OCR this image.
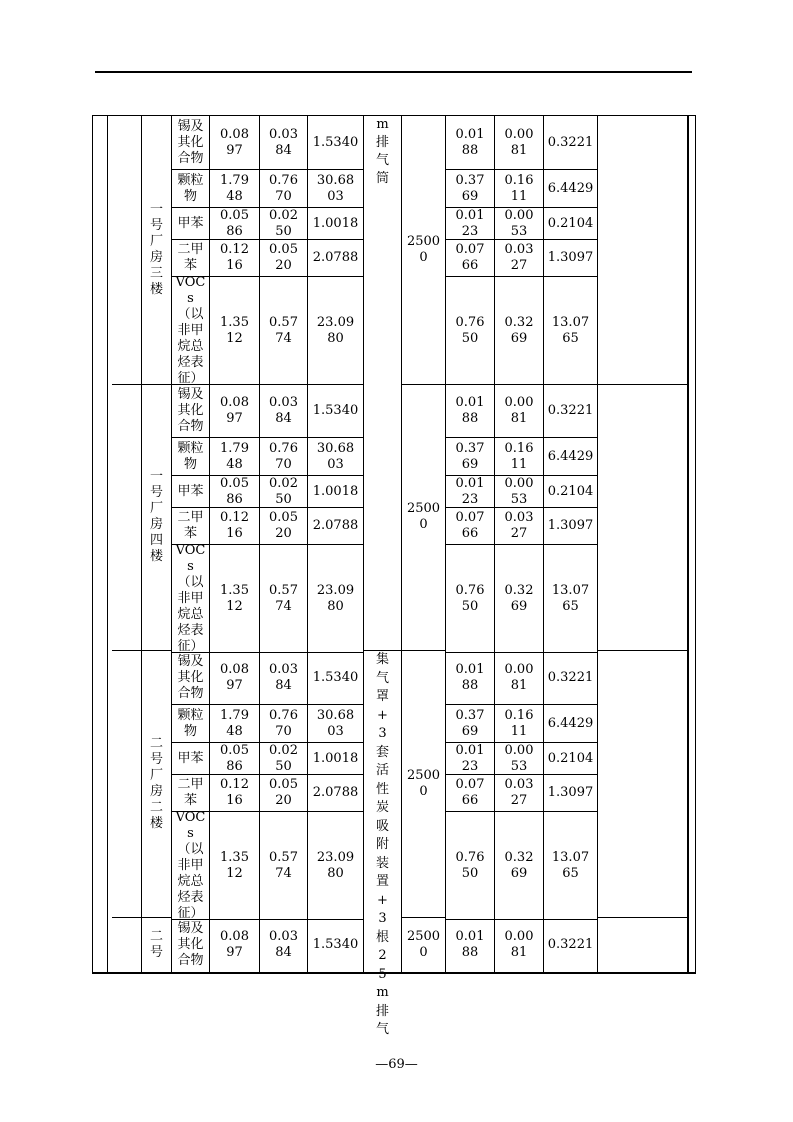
一号厂房三楼
25000
锡及其化合物
0.0897
0.0384
1.5340
0.0188
0.0081
0.3221
颗粒物
1.7948
0.7670
30.6803
0.3769
0.1611
6.4429
甲苯
0.0586
0.0250
1.0018
0.0123
0.0053
0.2104
二甲苯
0.1216
0.0520
2.0788
0.0766
0.0327
1.3097
VOCs（以非甲烷总烃表征）
1.3512
0.5774
23.0980
0.7650
0.3269
13.0765
一号厂房四楼
25000
锡及其化合物
0.0897
0.0384
1.5340
0.0188
0.0081
0.3221
颗粒物
1.7948
0.7670
30.6803
0.3769
0.1611
6.4429
甲苯
0.0586
0.0250
1.0018
0.0123
0.0053
0.2104
二甲苯
0.1216
0.0520
2.0788
0.0766
0.0327
1.3097
VOCs（以非甲烷总烃表征）
1.3512
0.5774
23.0980
0.7650
0.3269
13.0765
二号厂房二楼
25000
锡及其化合物
0.0897
0.0384
1.5340
0.0188
0.0081
0.3221
颗粒物
1.7948
0.7670
30.6803
0.3769
0.1611
6.4429
甲苯
0.0586
0.0250
1.0018
0.0123
0.0053
0.2104
二甲苯
0.1216
0.0520
2.0788
0.0766
0.0327
1.3097
VOCs（以非甲烷总烃表征）
1.3512
0.5774
23.0980
0.7650
0.3269
13.0765
二号
25000
锡及其化合物
0.0897
0.0384
1.5340
0.0188
0.0081
0.3221
m排气筒
集气罩+3套活性炭吸附装置+3根25m排气
—69—
